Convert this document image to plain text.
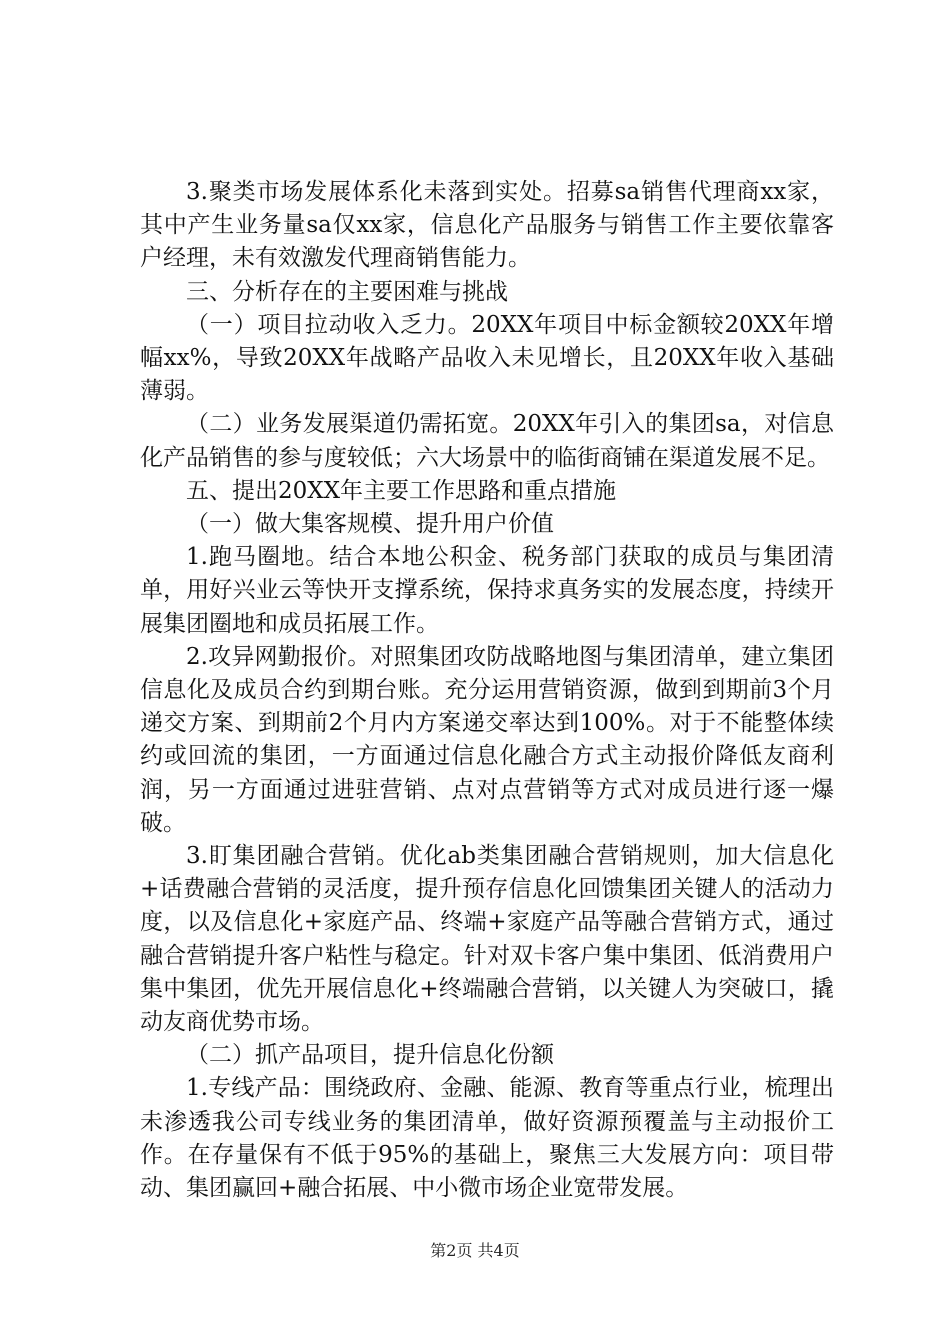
3.聚类市场发展体系化未落到实处。招募sa销售代理商xx家，其中产生业务量sa仅xx家，信息化产品服务与销售工作主要依靠客户经理，未有效激发代理商销售能力。

三、分析存在的主要困难与挑战

（一）项目拉动收入乏力。20XX年项目中标金额较20XX年增幅xx%，导致20XX年战略产品收入未见增长，且20XX年收入基础薄弱。

（二）业务发展渠道仍需拓宽。20XX年引入的集团sa，对信息化产品销售的参与度较低；六大场景中的临街商铺在渠道发展不足。

五、提出20XX年主要工作思路和重点措施

（一）做大集客规模、提升用户价值

1.跑马圈地。结合本地公积金、税务部门获取的成员与集团清单，用好兴业云等快开支撑系统，保持求真务实的发展态度，持续开展集团圈地和成员拓展工作。

2.攻异网勤报价。对照集团攻防战略地图与集团清单，建立集团信息化及成员合约到期台账。充分运用营销资源，做到到期前3个月递交方案、到期前2个月内方案递交率达到100%。对于不能整体续约或回流的集团，一方面通过信息化融合方式主动报价降低友商利润，另一方面通过进驻营销、点对点营销等方式对成员进行逐一爆破。

3.盯集团融合营销。优化ab类集团融合营销规则，加大信息化+话费融合营销的灵活度，提升预存信息化回馈集团关键人的活动力度，以及信息化+家庭产品、终端+家庭产品等融合营销方式，通过融合营销提升客户粘性与稳定。针对双卡客户集中集团、低消费用户集中集团，优先开展信息化+终端融合营销，以关键人为突破口，撬动友商优势市场。

（二）抓产品项目，提升信息化份额

1.专线产品：围绕政府、金融、能源、教育等重点行业，梳理出未渗透我公司专线业务的集团清单，做好资源预覆盖与主动报价工作。在存量保有不低于95%的基础上，聚焦三大发展方向：项目带动、集团赢回+融合拓展、中小微市场企业宽带发展。

第2页 共4页
